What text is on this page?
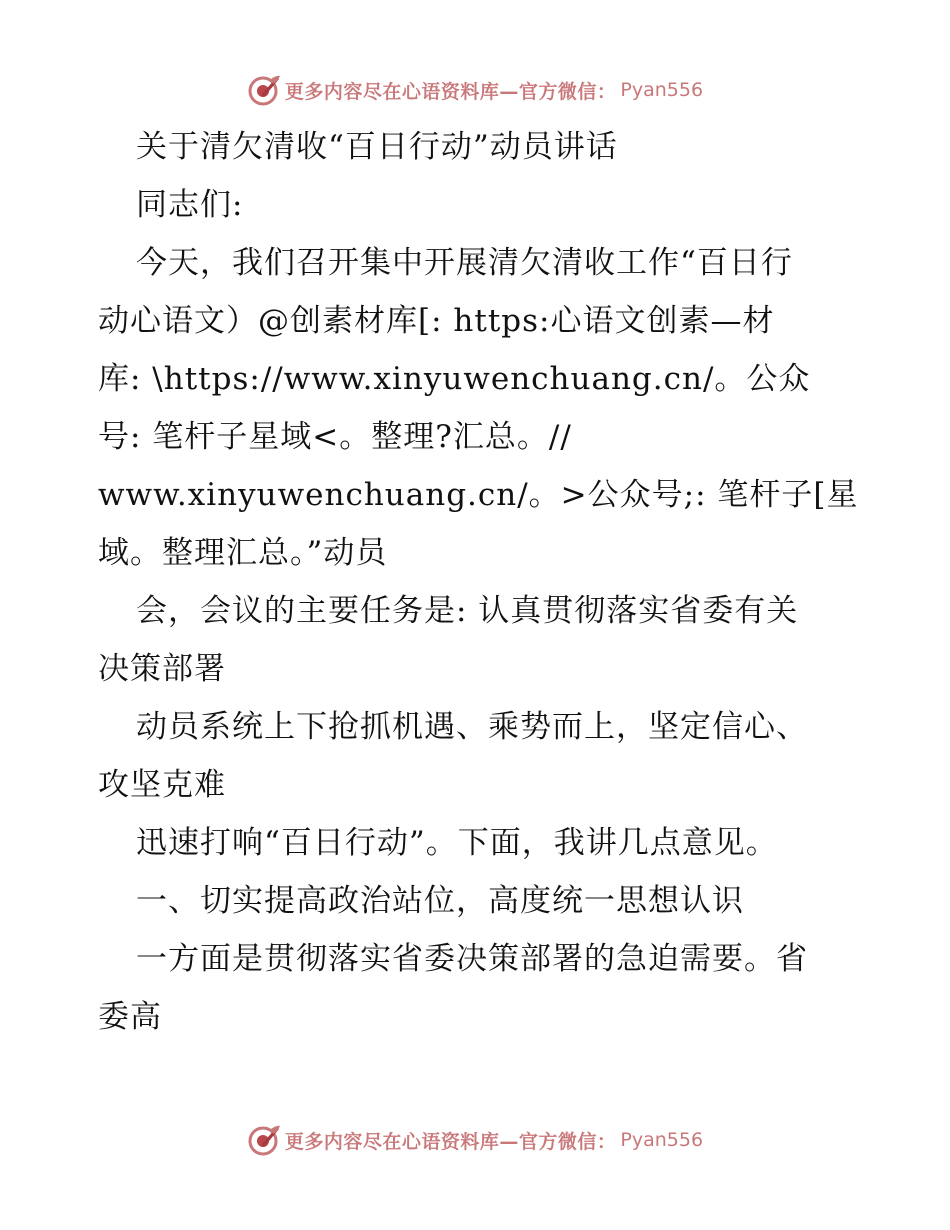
更多内容尽在心语资料库—官方微信： Pyan556
关于清欠清收“百日行动”动员讲话
同志们:
今天，我们召开集中开展清欠清收工作“百日行
动心语文）@创素材库[: https:心语文创素—材
库: \https://www.xinyuwenchuang.cn/。公众
号: 笔杆子星域<。整理?汇总。//
www.xinyuwenchuang.cn/。>公众号;: 笔杆子[星
域。整理汇总。”动员
会，会议的主要任务是: 认真贯彻落实省委有关
决策部署
动员系统上下抢抓机遇、乘势而上，坚定信心、
攻坚克难
迅速打响“百日行动”。下面，我讲几点意见。
一、切实提高政治站位，高度统一思想认识
一方面是贯彻落实省委决策部署的急迫需要。省
委高
更多内容尽在心语资料库—官方微信： Pyan556
